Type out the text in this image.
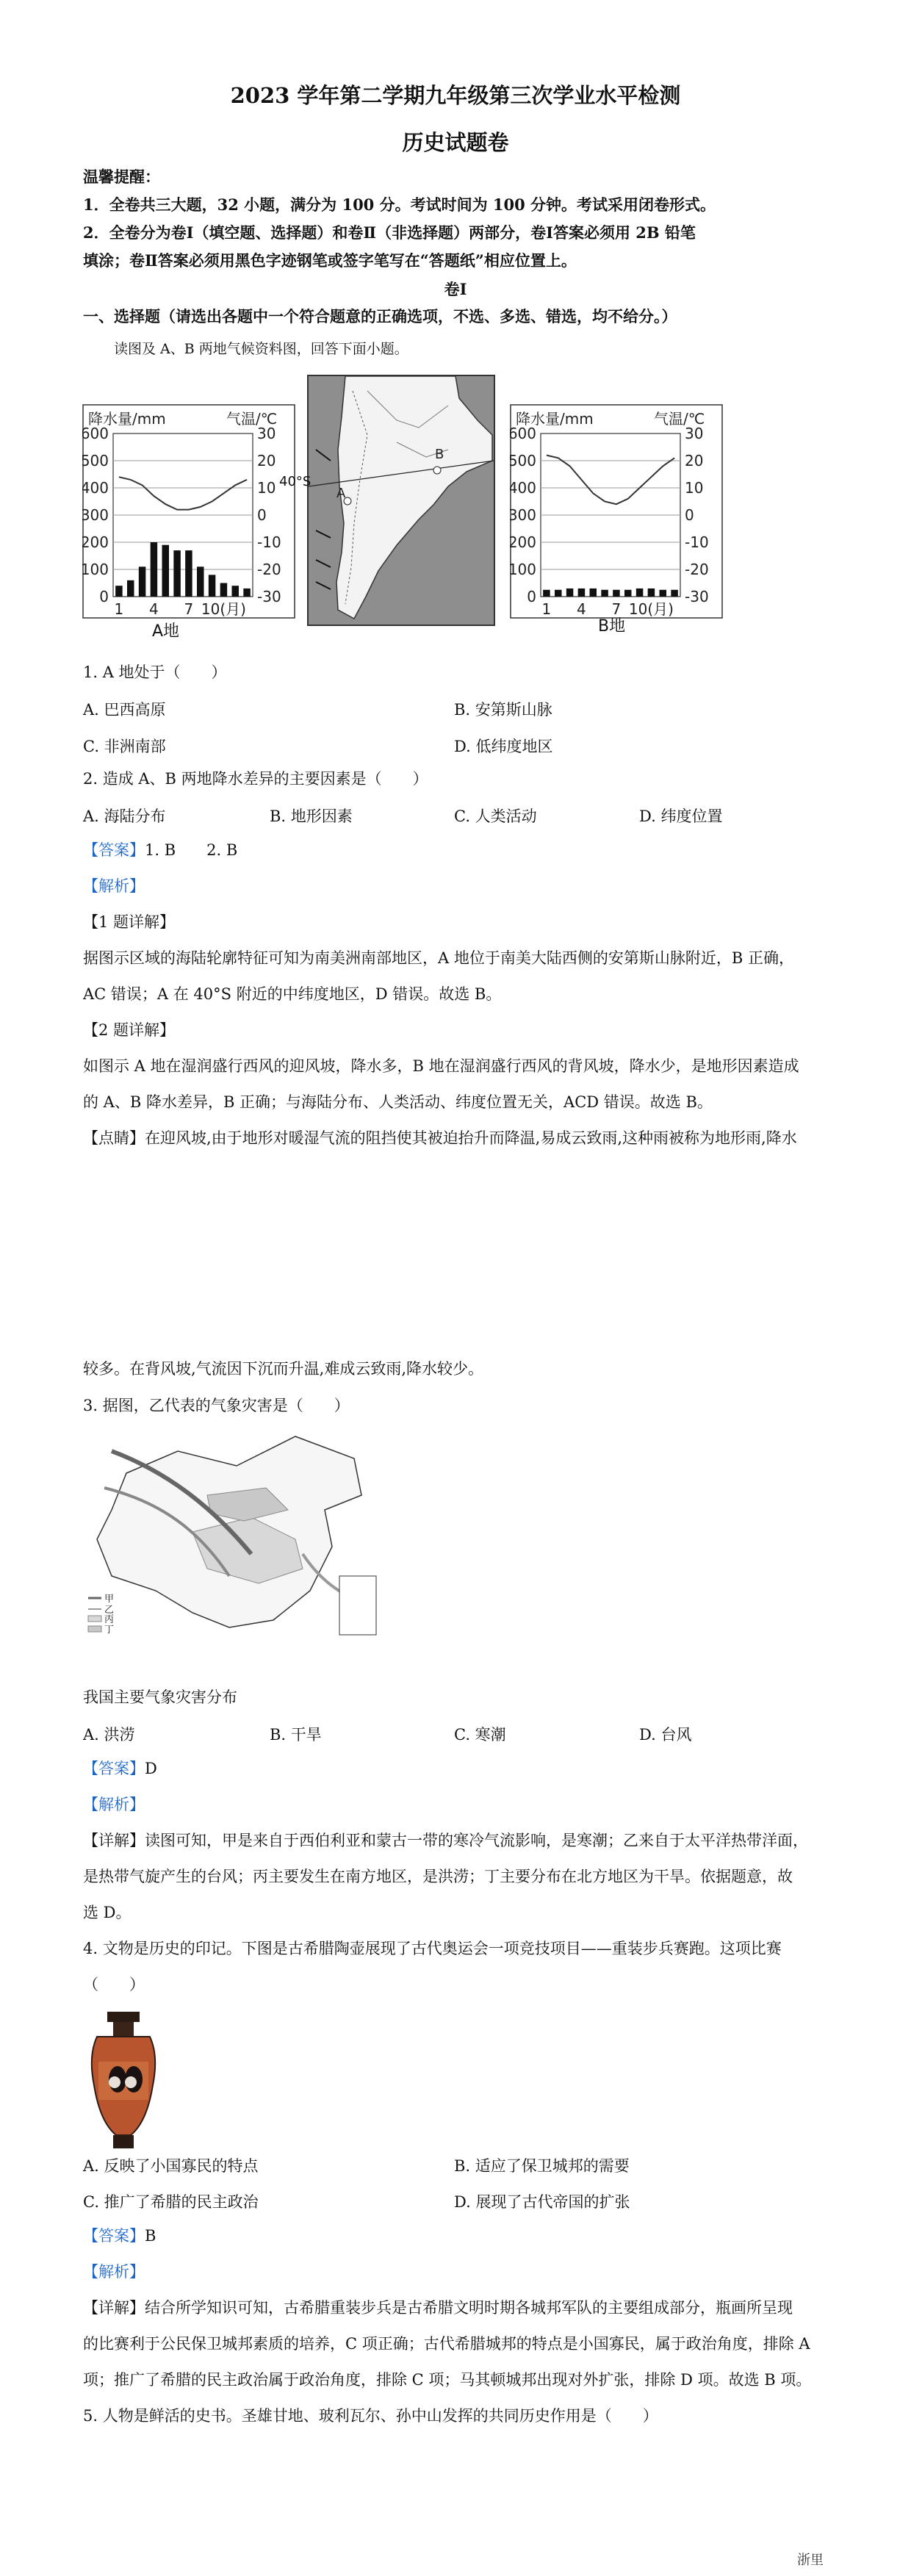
2023 学年第二学期九年级第三次学业水平检测
历史试题卷
温馨提醒：
1．全卷共三大题，32 小题，满分为 100 分。考试时间为 100 分钟。考试采用闭卷形式。
2．全卷分为卷Ⅰ（填空题、选择题）和卷Ⅱ（非选择题）两部分，卷Ⅰ答案必须用 2B 铅笔
填涂；卷Ⅱ答案必须用黑色字迹钢笔或签字笔写在“答题纸”相应位置上。
卷Ⅰ
一、选择题（请选出各题中一个符合题意的正确选项，不选、多选、错选，均不给分。）
读图及 A、B 两地气候资料图，回答下面小题。
降水量/mm	气温/℃
600
500
400
300
200
100
0
30
20
10
0
-10
-20
-30
1 4 7 10(月)
A地
A
B
40°S
降水量/mm	气温/℃
600
500
400
300
200
100
0
30
20
10
0
-10
-20
-30
1 4 7 10(月)
B地
1. A 地处于（　　）
A. 巴西高原	B. 安第斯山脉
C. 非洲南部	D. 低纬度地区
2. 造成 A、B 两地降水差异的主要因素是（　　）
A. 海陆分布	B. 地形因素	C. 人类活动	D. 纬度位置
【答案】1. B　　2. B
【解析】
【1 题详解】
据图示区域的海陆轮廓特征可知为南美洲南部地区，A 地位于南美大陆西侧的安第斯山脉附近，B 正确，
AC 错误；A 在 40°S 附近的中纬度地区，D 错误。故选 B。
【2 题详解】
如图示 A 地在湿润盛行西风的迎风坡，降水多，B 地在湿润盛行西风的背风坡，降水少，是地形因素造成
的 A、B 降水差异，B 正确；与海陆分布、人类活动、纬度位置无关，ACD 错误。故选 B。
【点睛】在迎风坡,由于地形对暖湿气流的阻挡使其被迫抬升而降温,易成云致雨,这种雨被称为地形雨,降水
较多。在背风坡,气流因下沉而升温,难成云致雨,降水较少。
3. 据图，乙代表的气象灾害是（　　）
甲
乙
丙
丁
我国主要气象灾害分布
A. 洪涝	B. 干旱	C. 寒潮	D. 台风
【答案】D
【解析】
【详解】读图可知，甲是来自于西伯利亚和蒙古一带的寒冷气流影响，是寒潮；乙来自于太平洋热带洋面，
是热带气旋产生的台风；丙主要发生在南方地区，是洪涝；丁主要分布在北方地区为干旱。依据题意，故
选 D。
4. 文物是历史的印记。下图是古希腊陶壶展现了古代奥运会一项竞技项目——重装步兵赛跑。这项比赛
（　　）
A. 反映了小国寡民的特点	B. 适应了保卫城邦的需要
C. 推广了希腊的民主政治	D. 展现了古代帝国的扩张
【答案】B
【解析】
【详解】结合所学知识可知，古希腊重装步兵是古希腊文明时期各城邦军队的主要组成部分，瓶画所呈现
的比赛利于公民保卫城邦素质的培养，C 项正确；古代希腊城邦的特点是小国寡民，属于政治角度，排除 A
项；推广了希腊的民主政治属于政治角度，排除 C 项；马其顿城邦出现对外扩张，排除 D 项。故选 B 项。
5. 人物是鲜活的史书。圣雄甘地、玻利瓦尔、孙中山发挥的共同历史作用是（　　）
浙里
